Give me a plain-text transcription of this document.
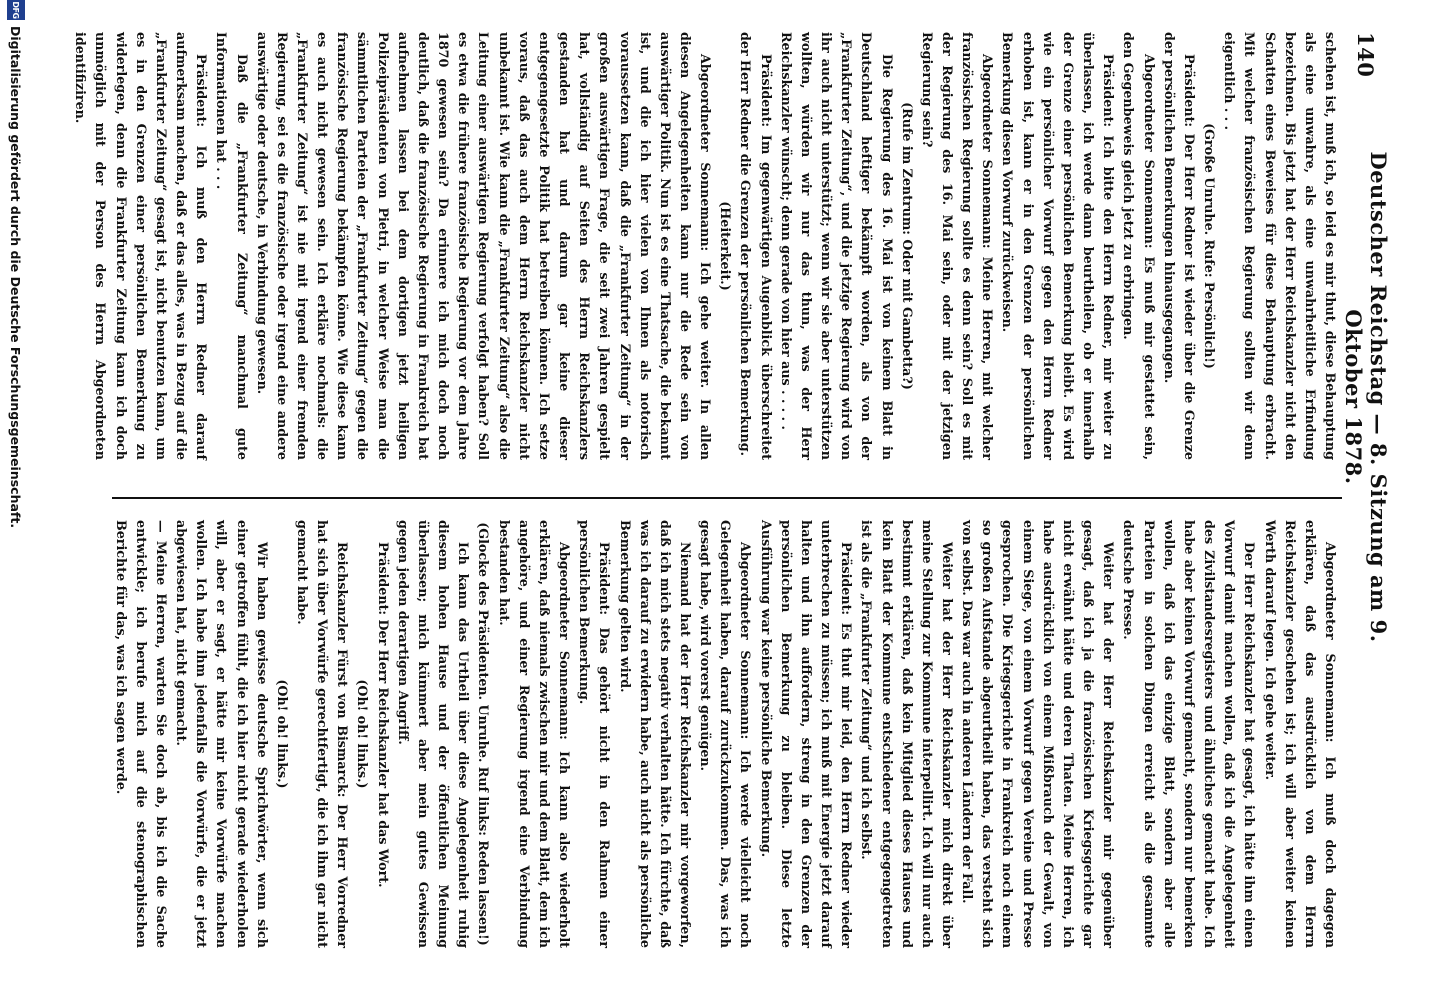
140
Deutscher Reichstag — 8. Sitzung am 9. Oktober 1878.

schehen ist, muß ich, so leid es mir thut, diese Behauptung als eine unwahre, als eine unwahrheitliche Erfindung bezeichnen. Bis jetzt hat der Herr Reichskanzler nicht den Schatten eines Beweises für diese Behauptung erbracht. Mit welcher französischen Regierung sollten wir denn eigentlich . . .

(Große Unruhe. Rufe: Persönlich!)

Präsident: Der Herr Redner ist wieder über die Grenze der persönlichen Bemerkungen hinausgegangen.

Abgeordneter Sonnemann: Es muß mir gestattet sein, den Gegenbeweis gleich jetzt zu erbringen.

Präsident: Ich bitte den Herrn Redner, mir weiter zu überlassen, ich werde dann beurtheilen, ob er innerhalb der Grenze einer persönlichen Bemerkung bleibt. Es wird wie ein persönlicher Vorwurf gegen den Herrn Redner erhoben ist, kann er in den Grenzen der persönlichen Bemerkung diesen Vorwurf zurückweisen.

Abgeordneter Sonnemann: Meine Herren, mit welcher französischen Regierung sollte es denn sein? Soll es mit der Regierung des 16. Mai sein, oder mit der jetzigen Regierung sein?

(Rufe im Zentrum: Oder mit Gambetta?)

Die Regierung des 16. Mai ist von keinem Blatt in Deutschland heftiger bekämpft worden, als von der „Frankfurter Zeitung“, und die jetzige Regierung wird von ihr auch nicht unterstützt; wenn wir sie aber unterstützen wollten, würden wir nur das thun, was der Herr Reichskanzler wünscht; denn gerade von hier aus . . . . .

Präsident: Im gegenwärtigen Augenblick überschreitet der Herr Redner die Grenzen der persönlichen Bemerkung.

(Heiterkeit.)

Abgeordneter Sonnemann: Ich gehe weiter. In allen diesen Angelegenheiten kann nur die Rede sein von auswärtiger Politik. Nun ist es eine Thatsache, die bekannt ist, und die ich hier vielen von Ihnen als notorisch voraussetzen kann, daß die „Frankfurter Zeitung“ in der großen auswärtigen Frage, die seit zwei Jahren gespielt hat, vollständig auf Seiten des Herrn Reichskanzlers gestanden hat und darum gar keine dieser entgegengesetzte Politik hat betreiben können. Ich setze voraus, daß das auch dem Herrn Reichskanzler nicht unbekannt ist. Wie kann die „Frankfurter Zeitung“ also die Leitung einer auswärtigen Regierung verfolgt haben? Soll es etwa die frühere französische Regierung vor dem Jahre 1870 gewesen sein? Da erinnere ich mich doch noch deutlich, daß die französische Regierung in Frankreich bat aufnehmen lassen bei dem dortigen jetzt heiligen Polizeipräsidenten von Pietri, in welcher Weise man die sämmtlichen Parteien der „Frankfurter Zeitung“ gegen die französische Regierung bekämpfen könne. Wie diese kann es auch nicht gewesen sein. Ich erkläre nochmals: die „Frankfurter Zeitung“ ist nie mit irgend einer fremden Regierung, sei es die französische oder irgend eine andere auswärtige oder deutsche, in Verbindung gewesen.

Daß die „Frankfurter Zeitung“ manchmal gute Informationen hat . . .

Präsident: Ich muß den Herrn Redner darauf aufmerksam machen, daß er das alles, was in Bezug auf die „Frankfurter Zeitung“ gesagt ist, nicht benutzen kann, um es in den Grenzen einer persönlichen Bemerkung zu widerlegen, denn die Frankfurter Zeitung kann ich doch unmöglich mit der Person des Herrn Abgeordneten identifiziren.

Abgeordneter Sonnemann: Ich muß doch dagegen erklären, daß das ausdrücklich von dem Herrn Reichskanzler geschehen ist; ich will aber weiter keinen Werth darauf legen. Ich gehe weiter.

Der Herr Reichskanzler hat gesagt, ich hätte ihm einen Vorwurf damit machen wollen, daß ich die Angelegenheit des Zivilstandesregisters und ähnliches gemacht habe. Ich habe aber keinen Vorwurf gemacht, sondern nur bemerken wollen, daß ich das einzige Blatt, sondern aber alle Parteien in solchen Dingen erreicht als die gesammte deutsche Presse.

Weiter hat der Herr Reichskanzler mir gegenüber gesagt, daß ich ja die französischen Kriegsgerichte gar nicht erwähnt hätte und deren Thaten. Meine Herren, ich habe ausdrücklich von einem Mißbrauch der Gewalt, von einem Siege, von einem Vorwurf gegen Vereine und Presse gesprochen. Die Kriegsgerichte in Frankreich noch einem so großen Aufstande abgeurtheilt haben, das versteht sich von selbst. Das war auch in anderen Ländern der Fall.

Weiter hat der Herr Reichskanzler mich direkt über meine Stellung zur Kommune interpellirt. Ich will nur auch bestimmt erklären, daß kein Mitglied dieses Hauses und kein Blatt der Kommune entschiedener entgegengetreten ist als die „Frankfurter Zeitung“ und ich selbst.

Präsident: Es thut mir leid, den Herrn Redner wieder unterbrechen zu müssen; ich muß mit Energie jetzt darauf halten und ihn auffordern, streng in den Grenzen der persönlichen Bemerkung zu bleiben. Diese letzte Ausführung war keine persönliche Bemerkung.

Abgeordneter Sonnemann: Ich werde vielleicht noch Gelegenheit haben, darauf zurückzukommen. Das, was ich gesagt habe, wird vorerst genügen.

Niemand hat der Herr Reichskanzler mir vorgeworfen, daß ich mich stets negativ verhalten hätte. Ich fürchte, daß was ich darauf zu erwidern habe, auch nicht als persönliche Bemerkung gelten wird.

Präsident: Das gehört nicht in den Rahmen einer persönlichen Bemerkung.

Abgeordneter Sonnemann: Ich kann also wiederholt erklären, daß niemals zwischen mir und dem Blatt, dem ich angehöre, und einer Regierung irgend eine Verbindung bestanden hat.

(Glocke des Präsidenten. Unruhe. Ruf links: Reden lassen!)

Ich kann das Urtheil über diese Angelegenheit ruhig diesem hohen Hause und der öffentlichen Meinung überlassen; mich kümmert aber mein gutes Gewissen gegen jeden derartigen Angriff.

Präsident: Der Herr Reichskanzler hat das Wort.

(Oh! oh! links.)

Reichskanzler Fürst von Bismarck: Der Herr Vorredner hat sich über Vorwürfe gerechtfertigt, die ich ihm gar nicht gemacht habe.

(Oh! oh! links.)

Wir haben gewisse deutsche Sprichwörter, wenn sich einer getroffen fühlt, die ich hier nicht gerade wiederholen will, aber er sagt, er hätte mir keine Vorwürfe machen wollen. Ich habe ihm jedenfalls die Vorwürfe, die er jetzt abgewiesen hat, nicht gemacht.

— Meine Herren, warten Sie doch ab, bis ich die Sache entwickle; ich berufe mich auf die stenographischen Berichte für das, was ich sagen werde.

DFG
Digitalisierung gefördert durch die Deutsche Forschungsgemeinschaft.
